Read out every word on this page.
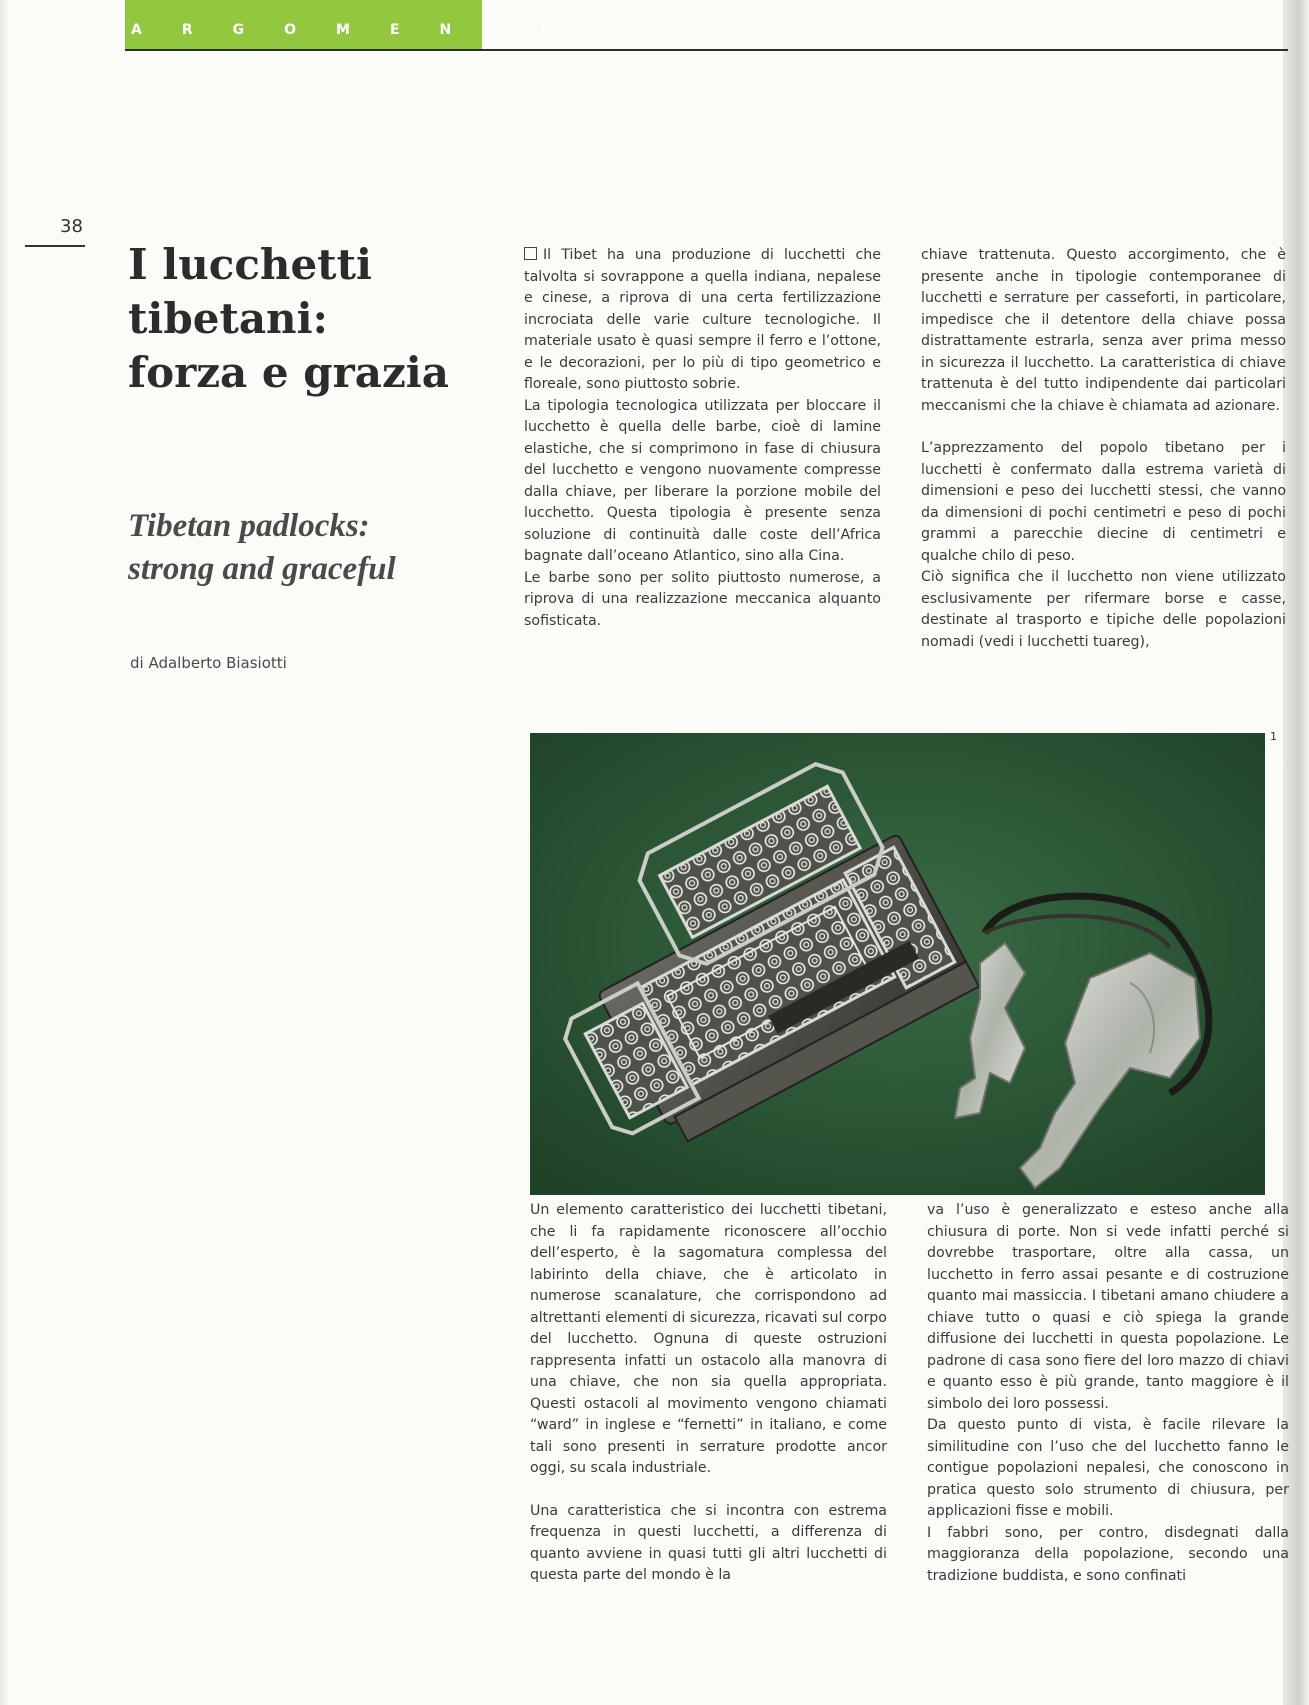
ARGOMENTI
38
I lucchetti
tibetani:
forza e grazia
Tibetan padlocks:
strong and graceful
di Adalberto Biasiotti

Il Tibet ha una produzione di lucchetti che talvolta si sovrappone a quella indiana, nepalese e cinese, a riprova di una certa fertilizzazione incrociata delle varie culture tecnologiche. Il materiale usato è quasi sempre il ferro e l’ottone, e le decorazioni, per lo più di tipo geometrico e floreale, sono piuttosto sobrie.

La tipologia tecnologica utilizzata per bloccare il lucchetto è quella delle barbe, cioè di lamine elastiche, che si comprimono in fase di chiusura del lucchetto e vengono nuovamente compresse dalla chiave, per liberare la porzione mobile del lucchetto. Questa tipologia è presente senza soluzione di continuità dalle coste dell’Africa bagnate dall’oceano Atlantico, sino alla Cina.

Le barbe sono per solito piuttosto numerose, a riprova di una realizzazione meccanica alquanto sofisticata.

chiave trattenuta. Questo accorgimento, che è presente anche in tipologie contemporanee di lucchetti e serrature per casseforti, in particolare, impedisce che il detentore della chiave possa distrattamente estrarla, senza aver prima messo in sicurezza il lucchetto. La caratteristica di chiave trattenuta è del tutto indipendente dai particolari meccanismi che la chiave è chiamata ad azionare.

L’apprezzamento del popolo tibetano per i lucchetti è confermato dalla estrema varietà di dimensioni e peso dei lucchetti stessi, che vanno da dimensioni di pochi centimetri e peso di pochi grammi a parecchie diecine di centimetri e qualche chilo di peso.

Ciò significa che il lucchetto non viene utilizzato esclusivamente per rifermare borse e casse, destinate al trasporto e tipiche delle popolazioni nomadi (vedi i lucchetti tuareg),

1

Un elemento caratteristico dei lucchetti tibetani, che li fa rapidamente riconoscere all’occhio dell’esperto, è la sagomatura complessa del labirinto della chiave, che è articolato in numerose scanalature, che corrispondono ad altrettanti elementi di sicurezza, ricavati sul corpo del lucchetto. Ognuna di queste ostruzioni rappresenta infatti un ostacolo alla manovra di una chiave, che non sia quella appropriata. Questi ostacoli al movimento vengono chiamati “ward” in inglese e “fernetti” in italiano, e come tali sono presenti in serrature prodotte ancor oggi, su scala industriale.

Una caratteristica che si incontra con estrema frequenza in questi lucchetti, a differenza di quanto avviene in quasi tutti gli altri lucchetti di questa parte del mondo è la

va l’uso è generalizzato e esteso anche alla chiusura di porte. Non si vede infatti perché si dovrebbe trasportare, oltre alla cassa, un lucchetto in ferro assai pesante e di costruzione quanto mai massiccia. I tibetani amano chiudere a chiave tutto o quasi e ciò spiega la grande diffusione dei lucchetti in questa popolazione. Le padrone di casa sono fiere del loro mazzo di chiavi e quanto esso è più grande, tanto maggiore è il simbolo dei loro possessi.

Da questo punto di vista, è facile rilevare la similitudine con l’uso che del lucchetto fanno le contigue popolazioni nepalesi, che conoscono in pratica questo solo strumento di chiusura, per applicazioni fisse e mobili.

I fabbri sono, per contro, disdegnati dalla maggioranza della popolazione, secondo una tradizione buddista, e sono confinati
